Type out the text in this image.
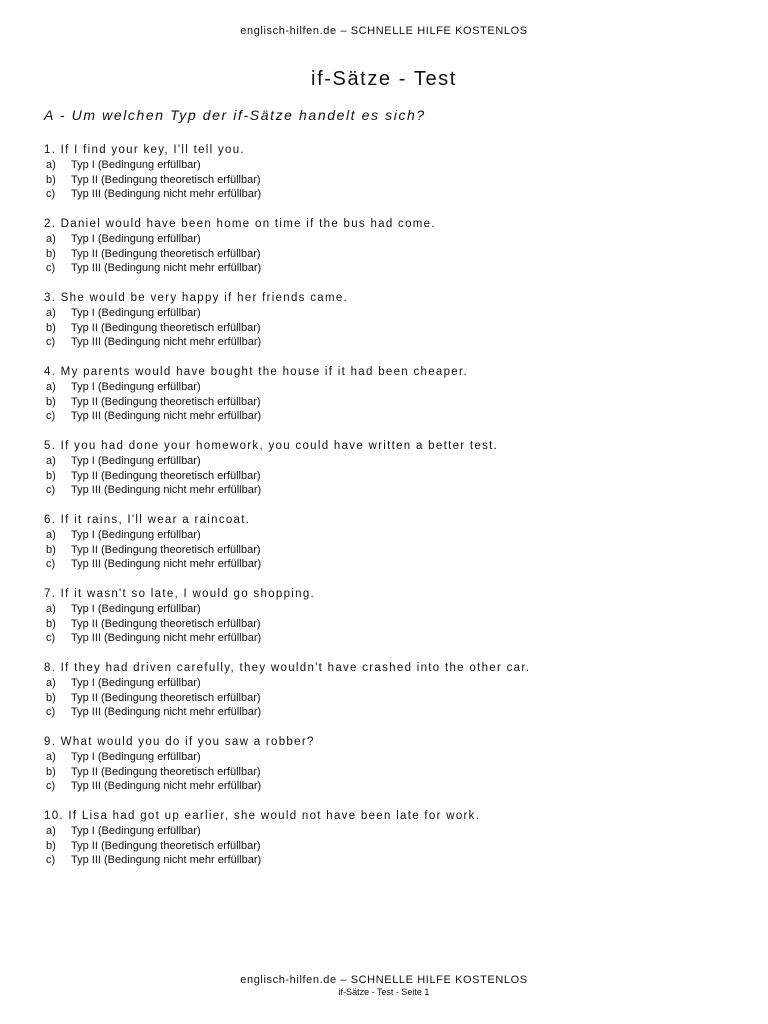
englisch-hilfen.de – SCHNELLE HILFE KOSTENLOS
if-Sätze - Test
A - Um welchen Typ der if-Sätze handelt es sich?
1. If I find your key, I'll tell you.
a)	Typ I (Bedingung erfüllbar)
b)	Typ II (Bedingung theoretisch erfüllbar)
c)	Typ III (Bedingung nicht mehr erfüllbar)
2. Daniel would have been home on time if the bus had come.
a)	Typ I (Bedingung erfüllbar)
b)	Typ II (Bedingung theoretisch erfüllbar)
c)	Typ III (Bedingung nicht mehr erfüllbar)
3. She would be very happy if her friends came.
a)	Typ I (Bedingung erfüllbar)
b)	Typ II (Bedingung theoretisch erfüllbar)
c)	Typ III (Bedingung nicht mehr erfüllbar)
4. My parents would have bought the house if it had been cheaper.
a)	Typ I (Bedingung erfüllbar)
b)	Typ II (Bedingung theoretisch erfüllbar)
c)	Typ III (Bedingung nicht mehr erfüllbar)
5. If you had done your homework, you could have written a better test.
a)	Typ I (Bedingung erfüllbar)
b)	Typ II (Bedingung theoretisch erfüllbar)
c)	Typ III (Bedingung nicht mehr erfüllbar)
6. If it rains, I'll wear a raincoat.
a)	Typ I (Bedingung erfüllbar)
b)	Typ II (Bedingung theoretisch erfüllbar)
c)	Typ III (Bedingung nicht mehr erfüllbar)
7. If it wasn't so late, I would go shopping.
a)	Typ I (Bedingung erfüllbar)
b)	Typ II (Bedingung theoretisch erfüllbar)
c)	Typ III (Bedingung nicht mehr erfüllbar)
8. If they had driven carefully, they wouldn't have crashed into the other car.
a)	Typ I (Bedingung erfüllbar)
b)	Typ II (Bedingung theoretisch erfüllbar)
c)	Typ III (Bedingung nicht mehr erfüllbar)
9. What would you do if you saw a robber?
a)	Typ I (Bedingung erfüllbar)
b)	Typ II (Bedingung theoretisch erfüllbar)
c)	Typ III (Bedingung nicht mehr erfüllbar)
10. If Lisa had got up earlier, she would not have been late for work.
a)	Typ I (Bedingung erfüllbar)
b)	Typ II (Bedingung theoretisch erfüllbar)
c)	Typ III (Bedingung nicht mehr erfüllbar)
englisch-hilfen.de – SCHNELLE HILFE KOSTENLOS
if-Sätze - Test - Seite 1
